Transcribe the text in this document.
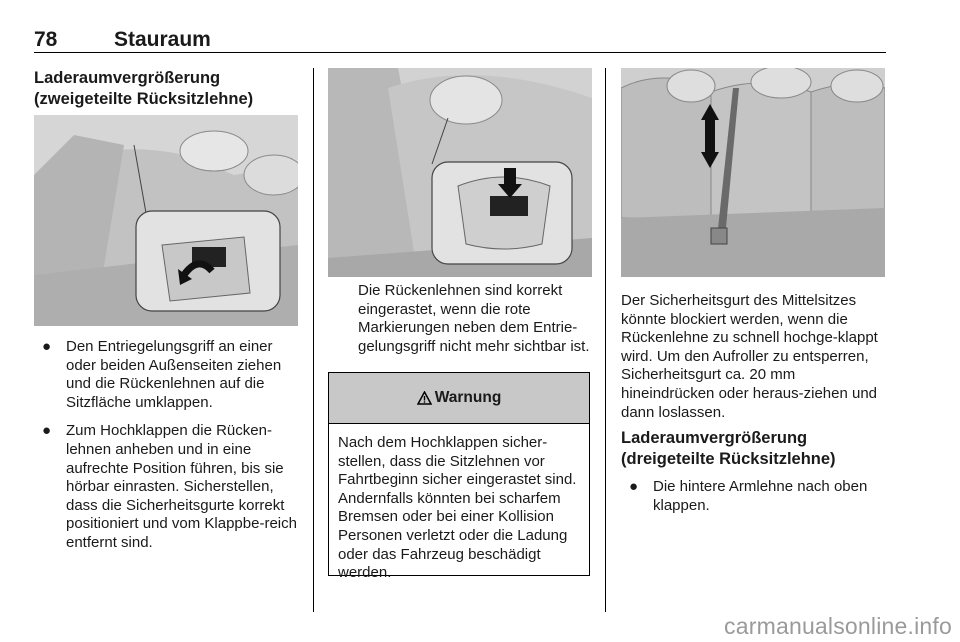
78	Stauraum
Laderaumvergrößerung
(zweigeteilte Rücksitzlehne)
● Den Entriegelungsgriff an einer oder beiden Außenseiten ziehen und die Rückenlehnen auf die Sitzfläche umklappen.
● Zum Hochklappen die Rücken-lehnen anheben und in eine aufrechte Position führen, bis sie hörbar einrasten. Sicherstellen, dass die Sicherheitsgurte korrekt positioniert und vom Klappbe-reich entfernt sind.

Die Rückenlehnen sind korrekt eingerastet, wenn die rote Markierungen neben dem Entrie-gelungsgriff nicht mehr sichtbar ist.

Warnung

Nach dem Hochklappen sicher-stellen, dass die Sitzlehnen vor Fahrtbeginn sicher eingerastet sind. Andernfalls könnten bei scharfem Bremsen oder bei einer Kollision Personen verletzt oder die Ladung oder das Fahrzeug beschädigt werden.

Der Sicherheitsgurt des Mittelsitzes könnte blockiert werden, wenn die Rückenlehne zu schnell hochge-klappt wird. Um den Aufroller zu entsperren, Sicherheitsgurt ca. 20 mm hineindrücken oder heraus-ziehen und dann loslassen.

Laderaumvergrößerung
(dreigeteilte Rücksitzlehne)
● Die hintere Armlehne nach oben klappen.
carmanualsonline.info
